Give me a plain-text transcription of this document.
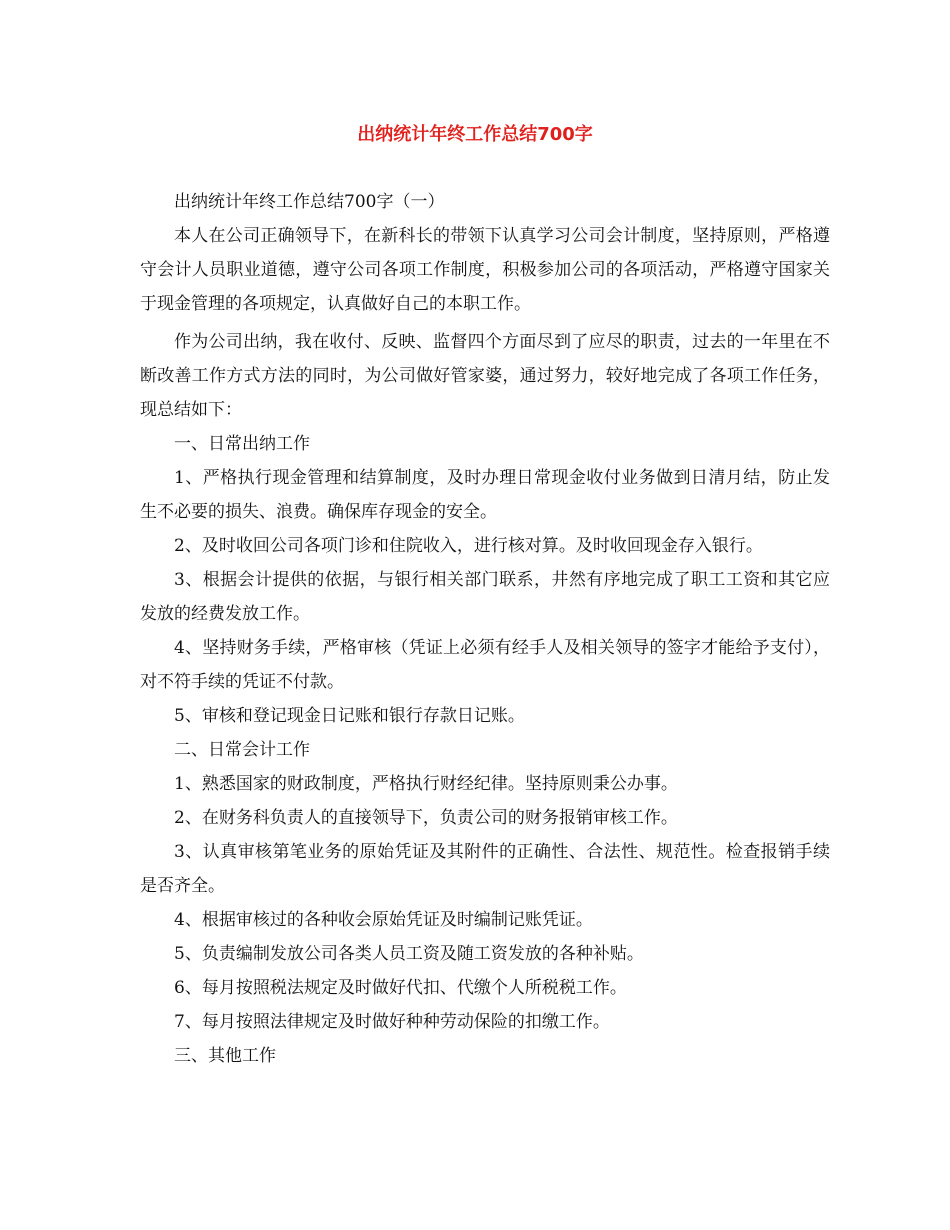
出纳统计年终工作总结700字

出纳统计年终工作总结700字（一）

本人在公司正确领导下，在新科长的带领下认真学习公司会计制度，坚持原则，严格遵守会计人员职业道德，遵守公司各项工作制度，积极参加公司的各项活动，严格遵守国家关于现金管理的各项规定，认真做好自己的本职工作。

作为公司出纳，我在收付、反映、监督四个方面尽到了应尽的职责，过去的一年里在不断改善工作方式方法的同时，为公司做好管家婆，通过努力，较好地完成了各项工作任务，现总结如下：

一、日常出纳工作

1、严格执行现金管理和结算制度，及时办理日常现金收付业务做到日清月结，防止发生不必要的损失、浪费。确保库存现金的安全。

2、及时收回公司各项门诊和住院收入，进行核对算。及时收回现金存入银行。

3、根据会计提供的依据，与银行相关部门联系，井然有序地完成了职工工资和其它应发放的经费发放工作。

4、坚持财务手续，严格审核（凭证上必须有经手人及相关领导的签字才能给予支付），对不符手续的凭证不付款。

5、审核和登记现金日记账和银行存款日记账。

二、日常会计工作

1、熟悉国家的财政制度，严格执行财经纪律。坚持原则秉公办事。

2、在财务科负责人的直接领导下，负责公司的财务报销审核工作。

3、认真审核第笔业务的原始凭证及其附件的正确性、合法性、规范性。检查报销手续是否齐全。

4、根据审核过的各种收会原始凭证及时编制记账凭证。

5、负责编制发放公司各类人员工资及随工资发放的各种补贴。

6、每月按照税法规定及时做好代扣、代缴个人所税税工作。

7、每月按照法律规定及时做好种种劳动保险的扣缴工作。

三、其他工作
